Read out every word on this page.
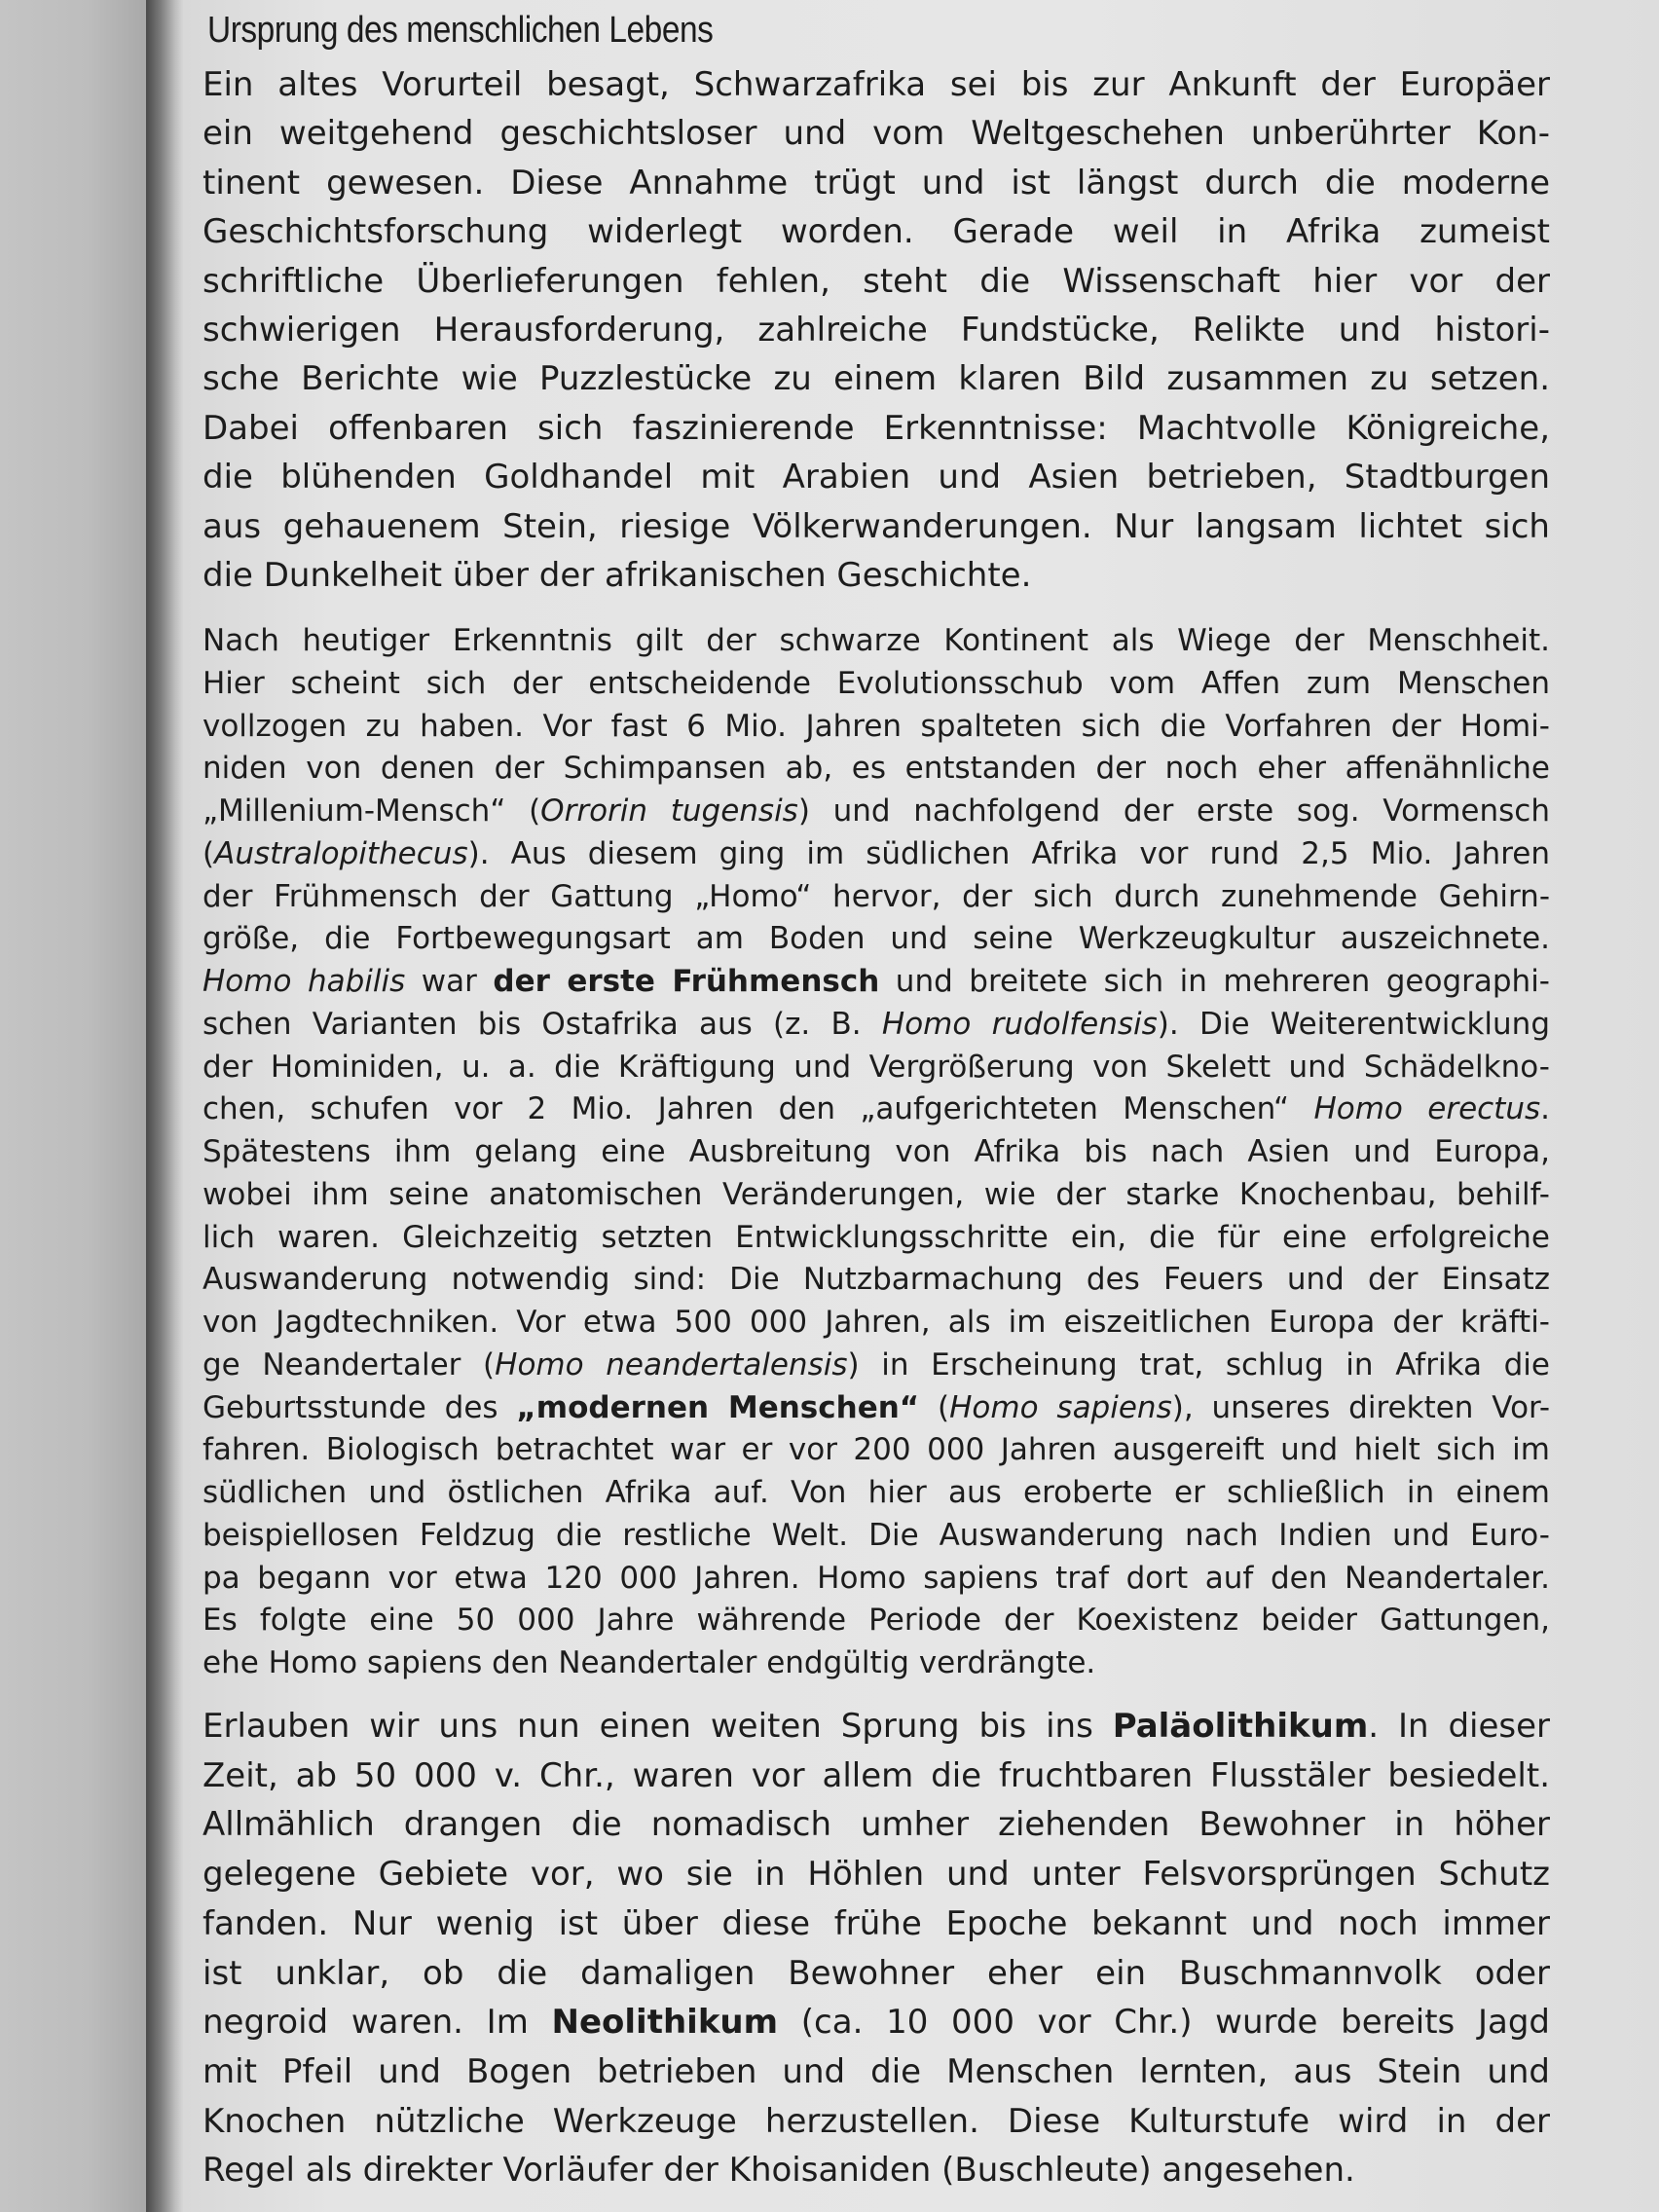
Ursprung des menschlichen Lebens

Ein altes Vorurteil besagt, Schwarzafrika sei bis zur Ankunft der Europäer
ein weitgehend geschichtsloser und vom Weltgeschehen unberührter Kon-
tinent gewesen. Diese Annahme trügt und ist längst durch die moderne
Geschichtsforschung widerlegt worden. Gerade weil in Afrika zumeist
schriftliche Überlieferungen fehlen, steht die Wissenschaft hier vor der
schwierigen Herausforderung, zahlreiche Fundstücke, Relikte und histori-
sche Berichte wie Puzzlestücke zu einem klaren Bild zusammen zu setzen.
Dabei offenbaren sich faszinierende Erkenntnisse: Machtvolle Königreiche,
die blühenden Goldhandel mit Arabien und Asien betrieben, Stadtburgen
aus gehauenem Stein, riesige Völkerwanderungen. Nur langsam lichtet sich
die Dunkelheit über der afrikanischen Geschichte.

Nach heutiger Erkenntnis gilt der schwarze Kontinent als Wiege der Menschheit.
Hier scheint sich der entscheidende Evolutionsschub vom Affen zum Menschen
vollzogen zu haben. Vor fast 6 Mio. Jahren spalteten sich die Vorfahren der Homi-
niden von denen der Schimpansen ab, es entstanden der noch eher affenähnliche
„Millenium-Mensch“ (Orrorin tugensis) und nachfolgend der erste sog. Vormensch
(Australopithecus). Aus diesem ging im südlichen Afrika vor rund 2,5 Mio. Jahren
der Frühmensch der Gattung „Homo“ hervor, der sich durch zunehmende Gehirn-
größe, die Fortbewegungsart am Boden und seine Werkzeugkultur auszeichnete.
Homo habilis war der erste Frühmensch und breitete sich in mehreren geographi-
schen Varianten bis Ostafrika aus (z. B. Homo rudolfensis). Die Weiterentwicklung
der Hominiden, u. a. die Kräftigung und Vergrößerung von Skelett und Schädelkno-
chen, schufen vor 2 Mio. Jahren den „aufgerichteten Menschen“ Homo erectus.
Spätestens ihm gelang eine Ausbreitung von Afrika bis nach Asien und Europa,
wobei ihm seine anatomischen Veränderungen, wie der starke Knochenbau, behilf-
lich waren. Gleichzeitig setzten Entwicklungsschritte ein, die für eine erfolgreiche
Auswanderung notwendig sind: Die Nutzbarmachung des Feuers und der Einsatz
von Jagdtechniken. Vor etwa 500 000 Jahren, als im eiszeitlichen Europa der kräfti-
ge Neandertaler (Homo neandertalensis) in Erscheinung trat, schlug in Afrika die
Geburtsstunde des „modernen Menschen“ (Homo sapiens), unseres direkten Vor-
fahren. Biologisch betrachtet war er vor 200 000 Jahren ausgereift und hielt sich im
südlichen und östlichen Afrika auf. Von hier aus eroberte er schließlich in einem
beispiellosen Feldzug die restliche Welt. Die Auswanderung nach Indien und Euro-
pa begann vor etwa 120 000 Jahren. Homo sapiens traf dort auf den Neandertaler.
Es folgte eine 50 000 Jahre währende Periode der Koexistenz beider Gattungen,
ehe Homo sapiens den Neandertaler endgültig verdrängte.

Erlauben wir uns nun einen weiten Sprung bis ins Paläolithikum. In dieser
Zeit, ab 50 000 v. Chr., waren vor allem die fruchtbaren Flusstäler besiedelt.
Allmählich drangen die nomadisch umher ziehenden Bewohner in höher
gelegene Gebiete vor, wo sie in Höhlen und unter Felsvorsprüngen Schutz
fanden. Nur wenig ist über diese frühe Epoche bekannt und noch immer
ist unklar, ob die damaligen Bewohner eher ein Buschmannvolk oder
negroid waren. Im Neolithikum (ca. 10 000 vor Chr.) wurde bereits Jagd
mit Pfeil und Bogen betrieben und die Menschen lernten, aus Stein und
Knochen nützliche Werkzeuge herzustellen. Diese Kulturstufe wird in der
Regel als direkter Vorläufer der Khoisaniden (Buschleute) angesehen.
